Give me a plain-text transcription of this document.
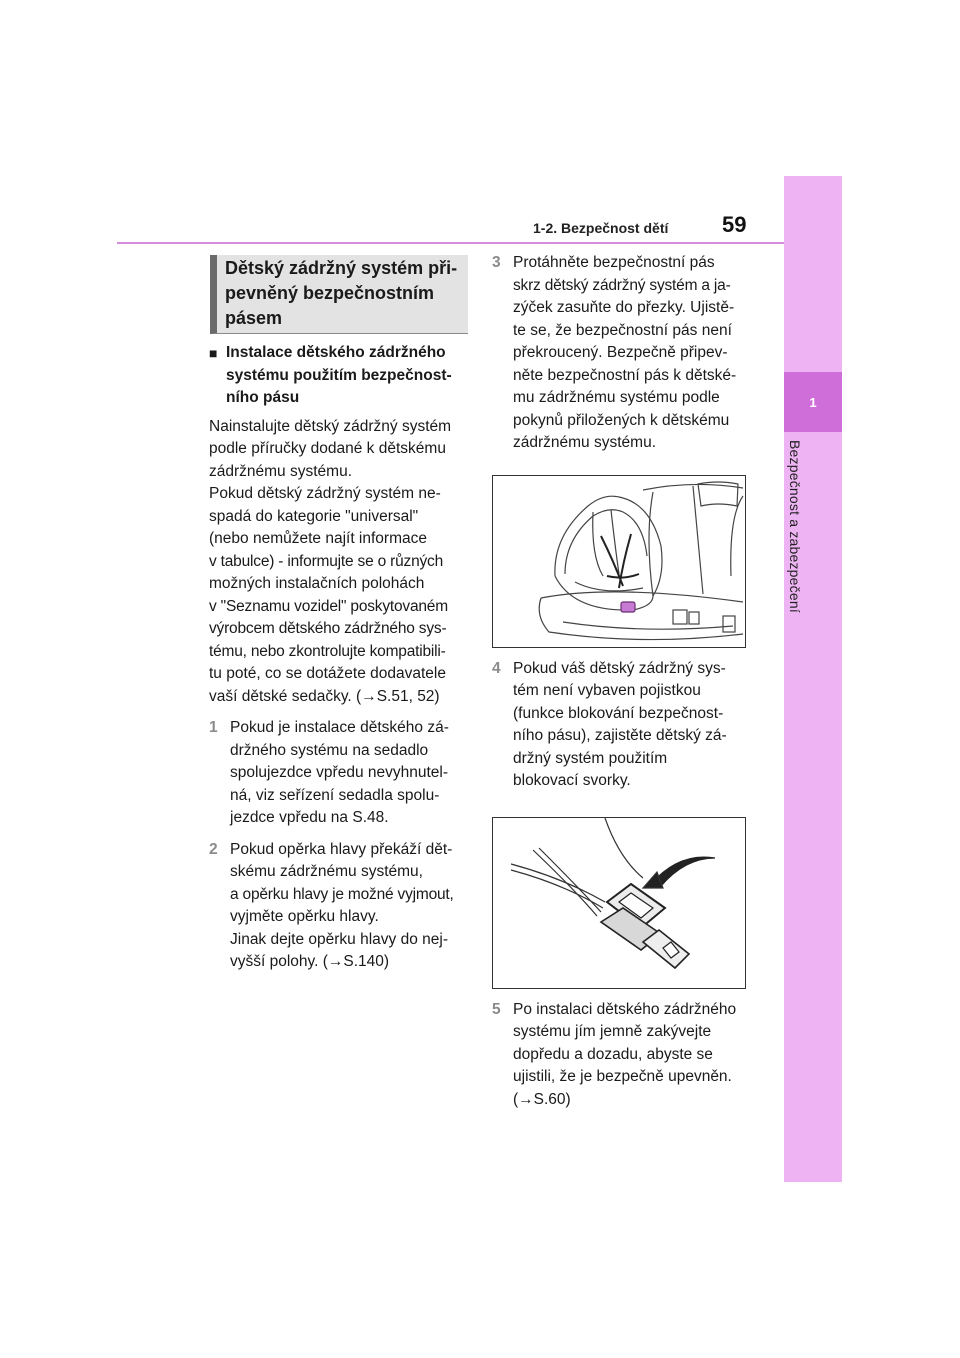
1-2. Bezpečnost dětí 59
1
Bezpečnost a zabezpečení
Dětský zádržný systém při-
pevněný bezpečnostním
pásem
■ Instalace dětského zádržného
systému použitím bezpečnost-
ního pásu
Nainstalujte dětský zádržný systém
podle příručky dodané k dětskému
zádržnému systému.
Pokud dětský zádržný systém ne-
spadá do kategorie "universal"
(nebo nemůžete najít informace
v tabulce) - informujte se o různých
možných instalačních polohách
v "Seznamu vozidel" poskytovaném
výrobcem dětského zádržného sys-
tému, nebo zkontrolujte kompatibili-
tu poté, co se dotážete dodavatele
vaší dětské sedačky. (→S.51, 52)
1 Pokud je instalace dětského zá-
držného systému na sedadlo
spolujezdce vpředu nevyhnutel-
ná, viz seřízení sedadla spolu-
jezdce vpředu na S.48.
2 Pokud opěrka hlavy překáží dět-
skému zádržnému systému,
a opěrku hlavy je možné vyjmout,
vyjměte opěrku hlavy.
Jinak dejte opěrku hlavy do nej-
vyšší polohy. (→S.140)
3 Protáhněte bezpečnostní pás
skrz dětský zádržný systém a ja-
zýček zasuňte do přezky. Ujistě-
te se, že bezpečnostní pás není
překroucený. Bezpečně připev-
něte bezpečnostní pás k dětské-
mu zádržnému systému podle
pokynů přiložených k dětskému
zádržnému systému.
4 Pokud váš dětský zádržný sys-
tém není vybaven pojistkou
(funkce blokování bezpečnost-
ního pásu), zajistěte dětský zá-
držný systém použitím
blokovací svorky.
5 Po instalaci dětského zádržného
systému jím jemně zakývejte
dopředu a dozadu, abyste se
ujistili, že je bezpečně upevněn.
(→S.60)
